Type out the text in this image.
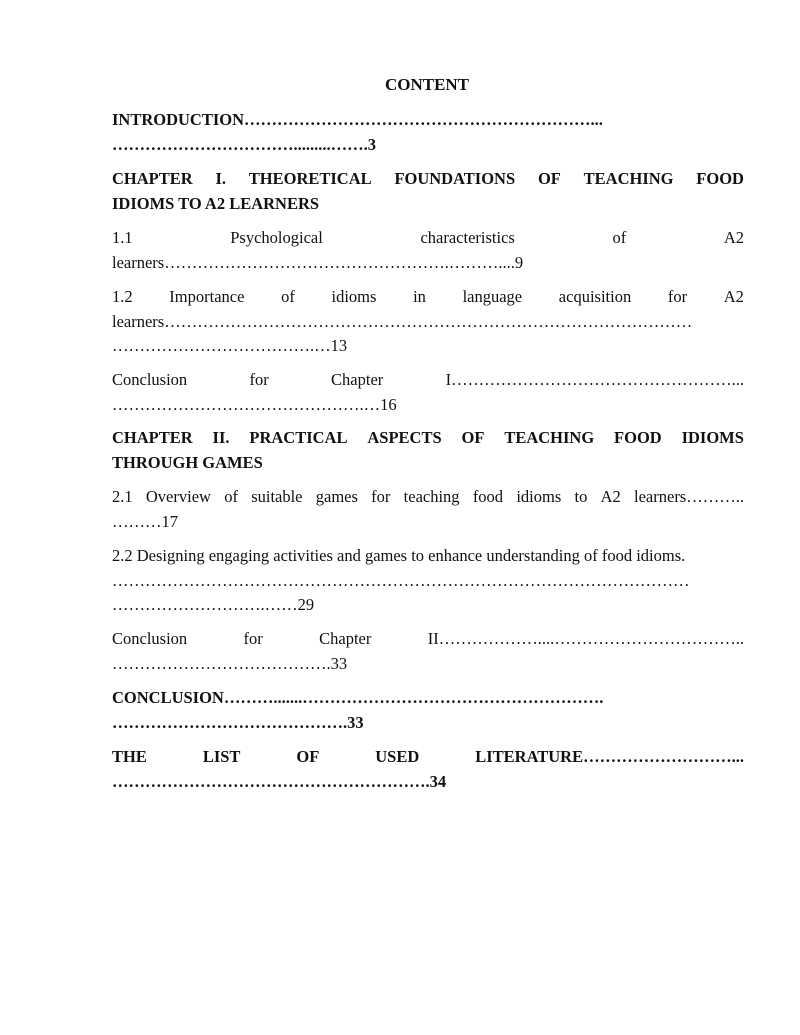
CONTENT

INTRODUCTION………………………………………………………...

…………………………….........…….3

CHAPTER I. THEORETICAL FOUNDATIONS OF TEACHING FOOD

IDIOMS TO A2 LEARNERS

1.1	Psychological	characteristics	of	A2

learners…………………………………………….………....9

1.2 Importance of idioms in language acquisition for A2

learners……………………………………………………………………………………

……………………………….…13

Conclusion	for	Chapter	I……………………………………………...

……………………………………….…16

CHAPTER II. PRACTICAL ASPECTS OF TEACHING FOOD IDIOMS

THROUGH GAMES

2.1 Overview of suitable games for teaching food idioms to A2 learners………..

………17

2.2 Designing engaging activities and games to enhance understanding of food idioms.

……………………………………………………………………………………………

……………………….……29

Conclusion	for	Chapter	II………………....……………………………..

………………………………….33

CONCLUSION……….......……………………………………………….

…………………………………….33

THE	LIST	OF	USED	LITERATURE………………………...

………………………………………………….34
